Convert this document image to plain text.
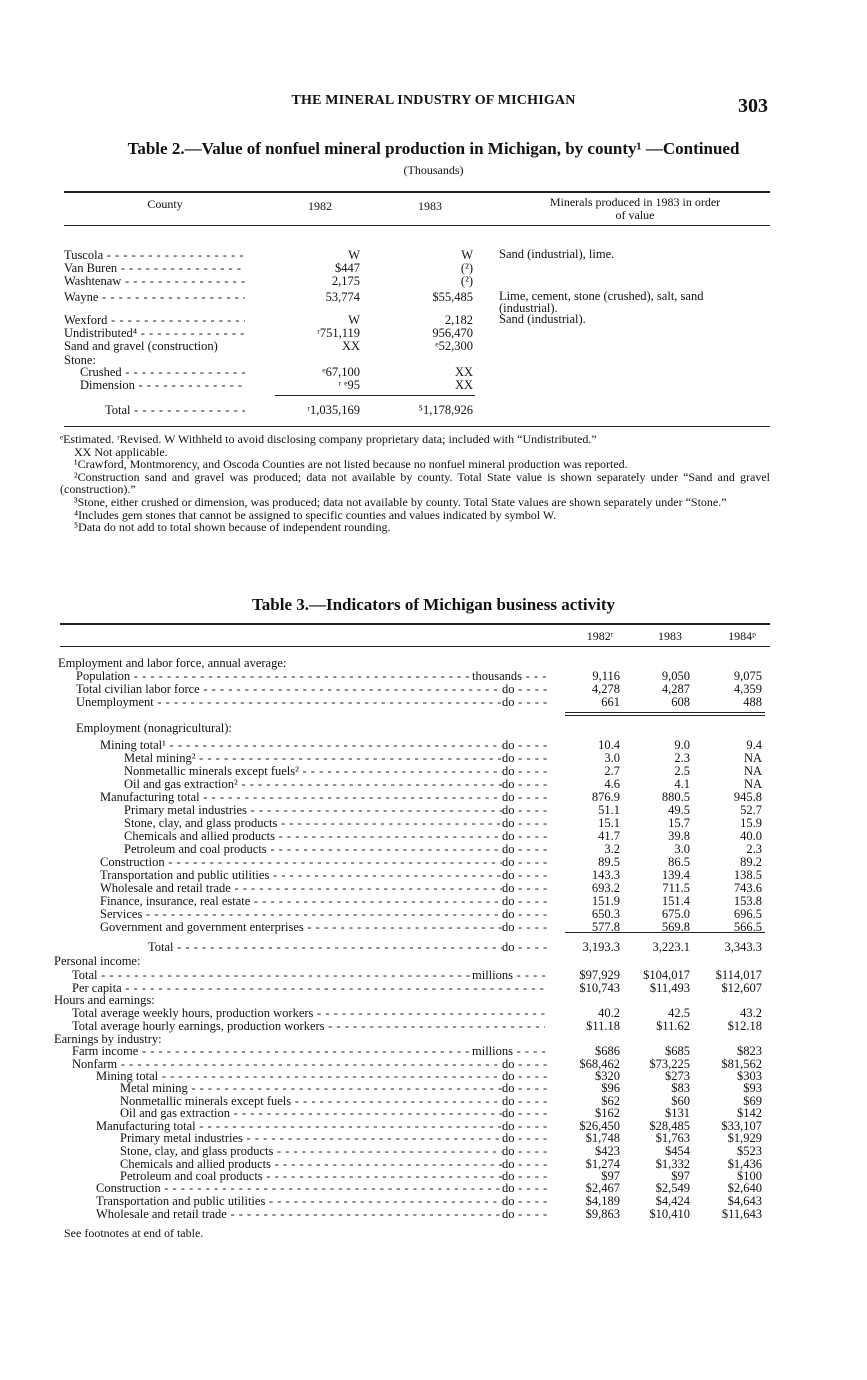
THE MINERAL INDUSTRY OF MICHIGAN	303
Table 2.—Value of nonfuel mineral production in Michigan, by county¹ —Continued
(Thousands)
County	1982	1983	Minerals produced in 1983 in order of value
Tuscola - - -	W	W Sand (industrial), lime.
Van Buren - - -	$447	(²)
Washtenaw - - -	2,175	(²)
Wayne - - -	53,774	$55,485 Lime, cement, stone (crushed), salt, sand (industrial).
Wexford - - -	W	2,182 Sand (industrial).
Undistributed⁴ - - -	ʳ751,119	956,470
Sand and gravel (construction)	XX	ᵉ52,300
Stone:
Crushed - - -	ᵉ67,100	XX
Dimension - - -	ʳ ᵉ95	XX
Total - - -	ʳ1,035,169	⁵1,178,926
ᵉEstimated. ʳRevised. W Withheld to avoid disclosing company proprietary data; included with “Undistributed.”
XX Not applicable.
¹Crawford, Montmorency, and Oscoda Counties are not listed because no nonfuel mineral production was reported.
²Construction sand and gravel was produced; data not available by county. Total State value is shown separately under “Sand and gravel (construction).”
³Stone, either crushed or dimension, was produced; data not available by county. Total State values are shown separately under “Stone.”
⁴Includes gem stones that cannot be assigned to specific counties and values indicated by symbol W.
⁵Data do not add to total shown because of independent rounding.
Table 3.—Indicators of Michigan business activity
1982ʳ	1983	1984ᵖ
Employment and labor force, annual average:
Population - - -	thousands - - -	9,116	9,050	9,075
Total civilian labor force - - -	do - - -	4,278	4,287	4,359
Unemployment - - -	do - - -	661	608	488
Employment (nonagricultural):
Mining total¹ - - -	do - - -	10.4	9.0	9.4
Metal mining² - - -	do - - -	3.0	2.3	NA
Nonmetallic minerals except fuels² - - -	do - - -	2.7	2.5	NA
Oil and gas extraction² - - -	do - - -	4.6	4.1	NA
Manufacturing total - - -	do - - -	876.9	880.5	945.8
Primary metal industries - - -	do - - -	51.1	49.5	52.7
Stone, clay, and glass products - - -	do - - -	15.1	15.7	15.9
Chemicals and allied products - - -	do - - -	41.7	39.8	40.0
Petroleum and coal products - - -	do - - -	3.2	3.0	2.3
Construction - - -	do - - -	89.5	86.5	89.2
Transportation and public utilities - - -	do - - -	143.3	139.4	138.5
Wholesale and retail trade - - -	do - - -	693.2	711.5	743.6
Finance, insurance, real estate - - -	do - - -	151.9	151.4	153.8
Services - - -	do - - -	650.3	675.0	696.5
Government and government enterprises - - -	do - - -	577.8	569.8	566.5
Total - - -	do - - -	3,193.3	3,223.1	3,343.3
Personal income:
Total - - -	millions - - -	$97,929	$104,017	$114,017
Per capita - - -	$10,743	$11,493	$12,607
Hours and earnings:
Total average weekly hours, production workers - - -	40.2	42.5	43.2
Total average hourly earnings, production workers - - -	$11.18	$11.62	$12.18
Earnings by industry:
Farm income - - -	millions - - -	$686	$685	$823
Nonfarm - - -	do - - -	$68,462	$73,225	$81,562
Mining total - - -	do - - -	$320	$273	$303
Metal mining - - -	do - - -	$96	$83	$93
Nonmetallic minerals except fuels - - -	do - - -	$62	$60	$69
Oil and gas extraction - - -	do - - -	$162	$131	$142
Manufacturing total - - -	do - - -	$26,450	$28,485	$33,107
Primary metal industries - - -	do - - -	$1,748	$1,763	$1,929
Stone, clay, and glass products - - -	do - - -	$423	$454	$523
Chemicals and allied products - - -	do - - -	$1,274	$1,332	$1,436
Petroleum and coal products - - -	do - - -	$97	$97	$100
Construction - - -	do - - -	$2,467	$2,549	$2,640
Transportation and public utilities - - -	do - - -	$4,189	$4,424	$4,643
Wholesale and retail trade - - -	do - - -	$9,863	$10,410	$11,643
See footnotes at end of table.
